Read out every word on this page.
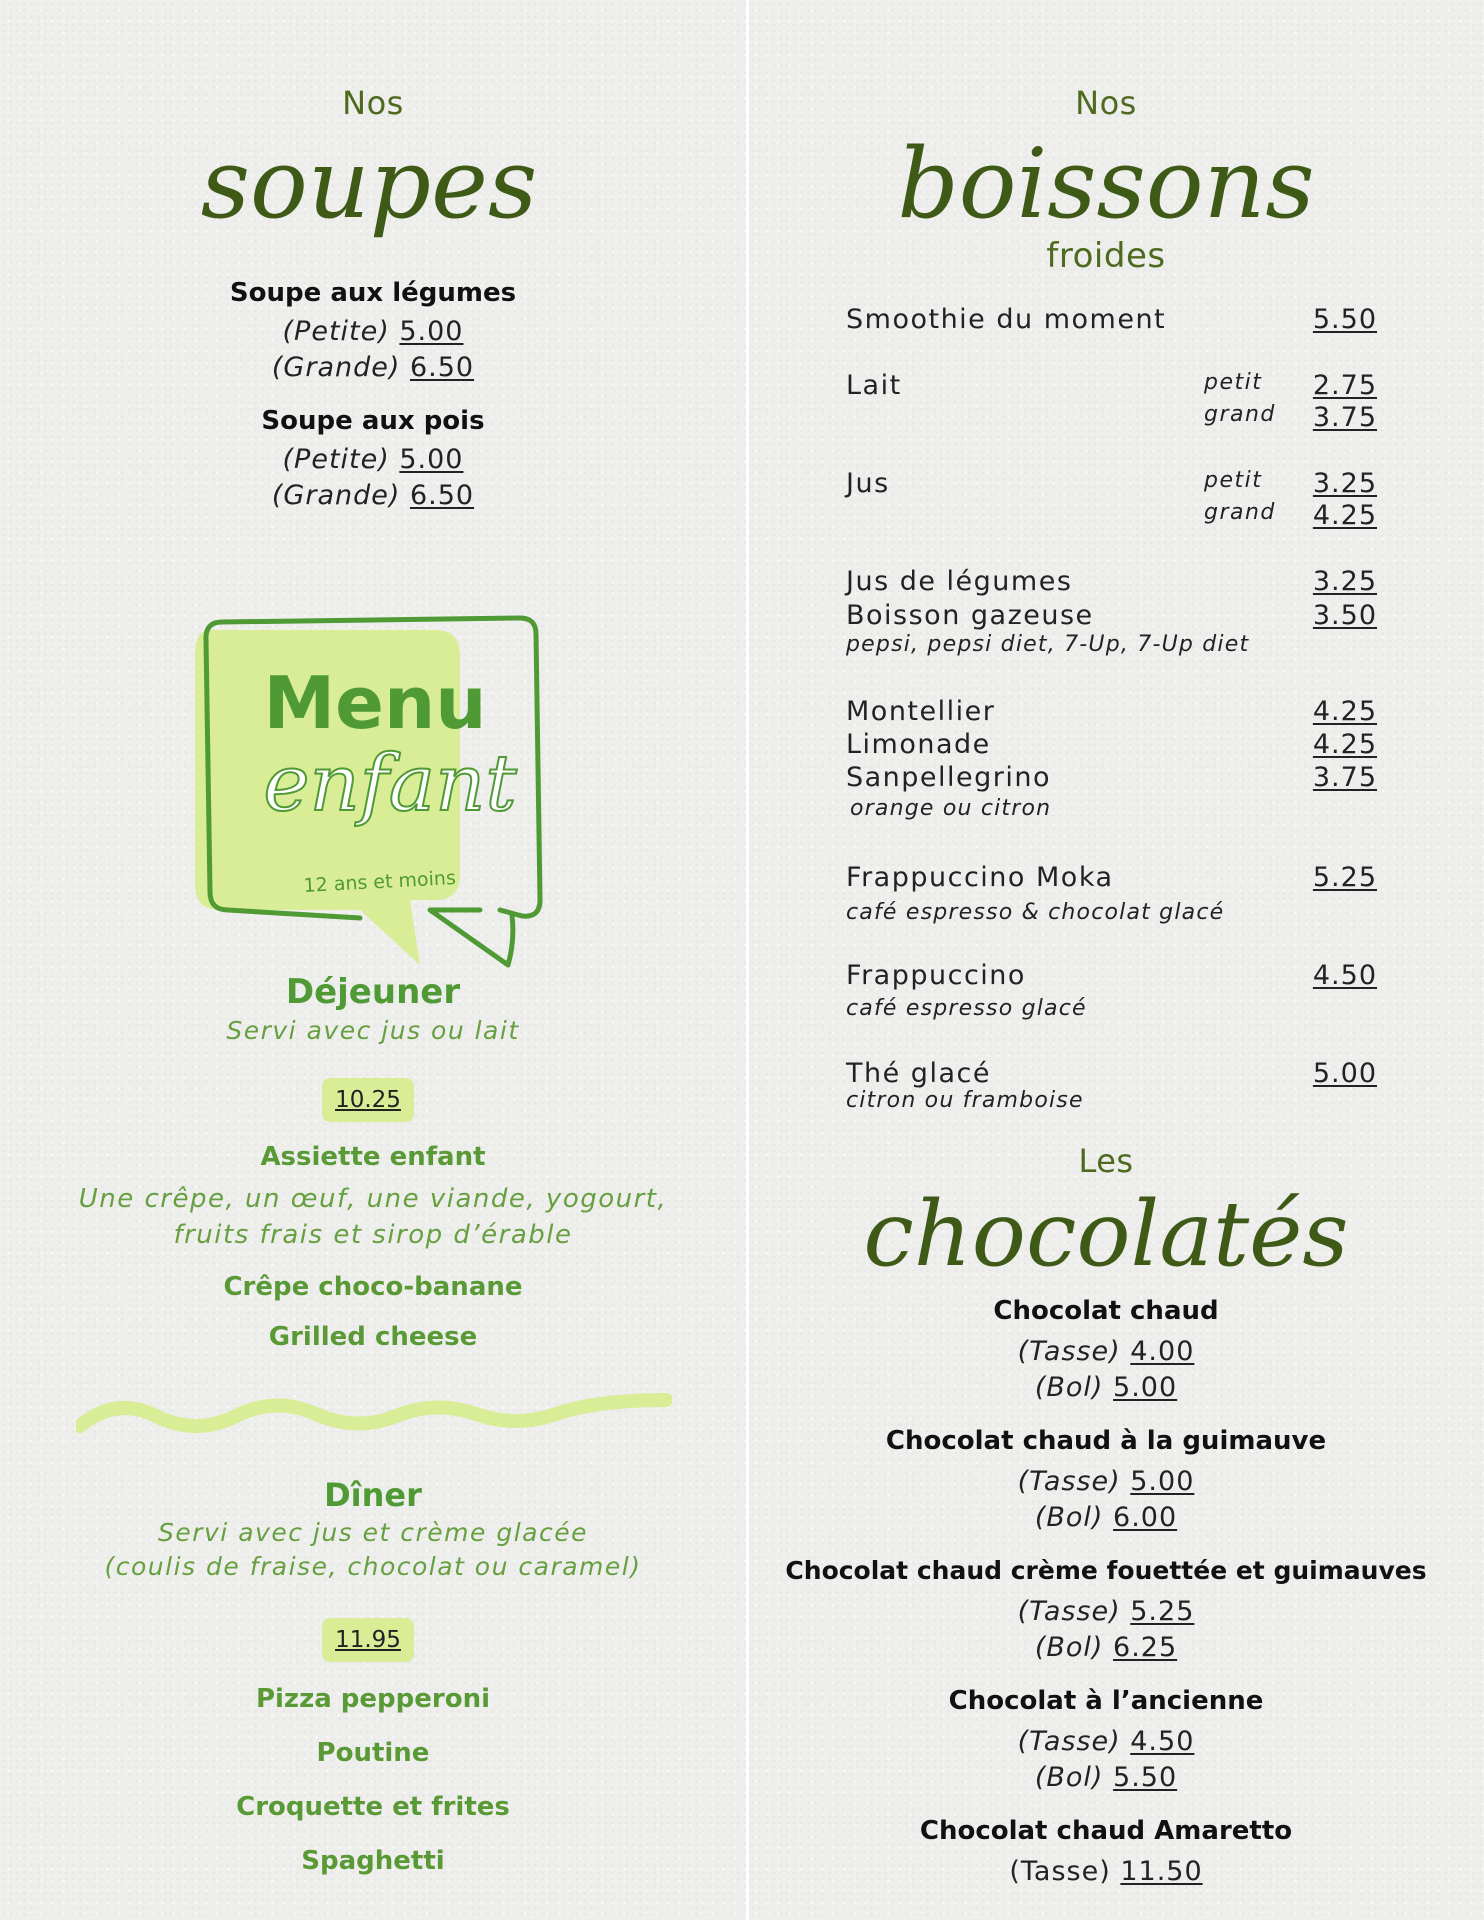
Nos
soupes
Soupe aux légumes
(Petite) 5.00
(Grande) 6.50
Soupe aux pois
(Petite) 5.00
(Grande) 6.50
Menu
enfant
12 ans et moins
Déjeuner
Servi avec jus ou lait
10.25
Assiette enfant
Une crêpe, un œuf, une viande, yogourt,
fruits frais et sirop d’érable
Crêpe choco-banane
Grilled cheese
Dîner
Servi avec jus et crème glacée
(coulis de fraise, chocolat ou caramel)
11.95
Pizza pepperoni
Poutine
Croquette et frites
Spaghetti
Nos
boissons
froides
Smoothie du moment	5.50
Lait	petit 2.75
grand 3.75
Jus	petit 3.25
grand 4.25
Jus de légumes	3.25
Boisson gazeuse	3.50
pepsi, pepsi diet, 7-Up, 7-Up diet
Montellier	4.25
Limonade	4.25
Sanpellegrino	3.75
orange ou citron
Frappuccino Moka	5.25
café espresso & chocolat glacé
Frappuccino	4.50
café espresso glacé
Thé glacé	5.00
citron ou framboise
Les
chocolatés
Chocolat chaud
(Tasse) 4.00
(Bol) 5.00
Chocolat chaud à la guimauve
(Tasse) 5.00
(Bol) 6.00
Chocolat chaud crème fouettée et guimauves
(Tasse) 5.25
(Bol) 6.25
Chocolat à l’ancienne
(Tasse) 4.50
(Bol) 5.50
Chocolat chaud Amaretto
(Tasse) 11.50
